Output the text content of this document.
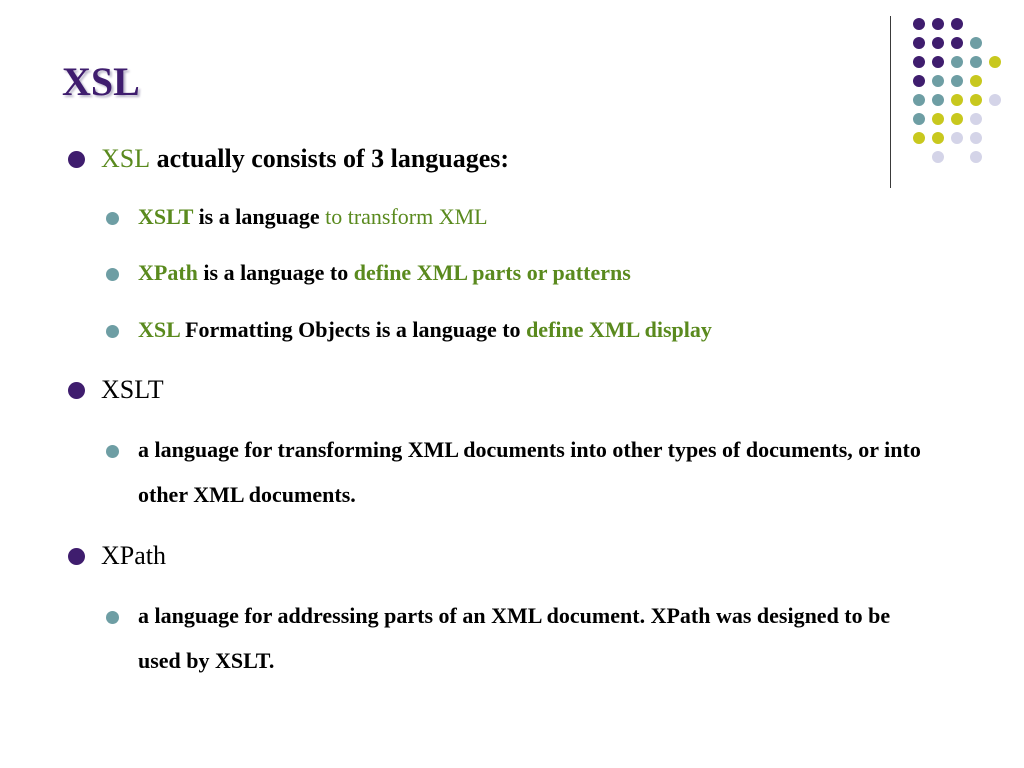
XSL
XSL actually consists of 3 languages:
XSLT is a language to transform XML
XPath is a language to define XML parts or patterns
XSL Formatting Objects is a language to define XML display
XSLT
a language for transforming XML documents into other types of documents, or into other XML documents.
XPath
a language for addressing parts of an XML document. XPath was designed to be used by XSLT.
